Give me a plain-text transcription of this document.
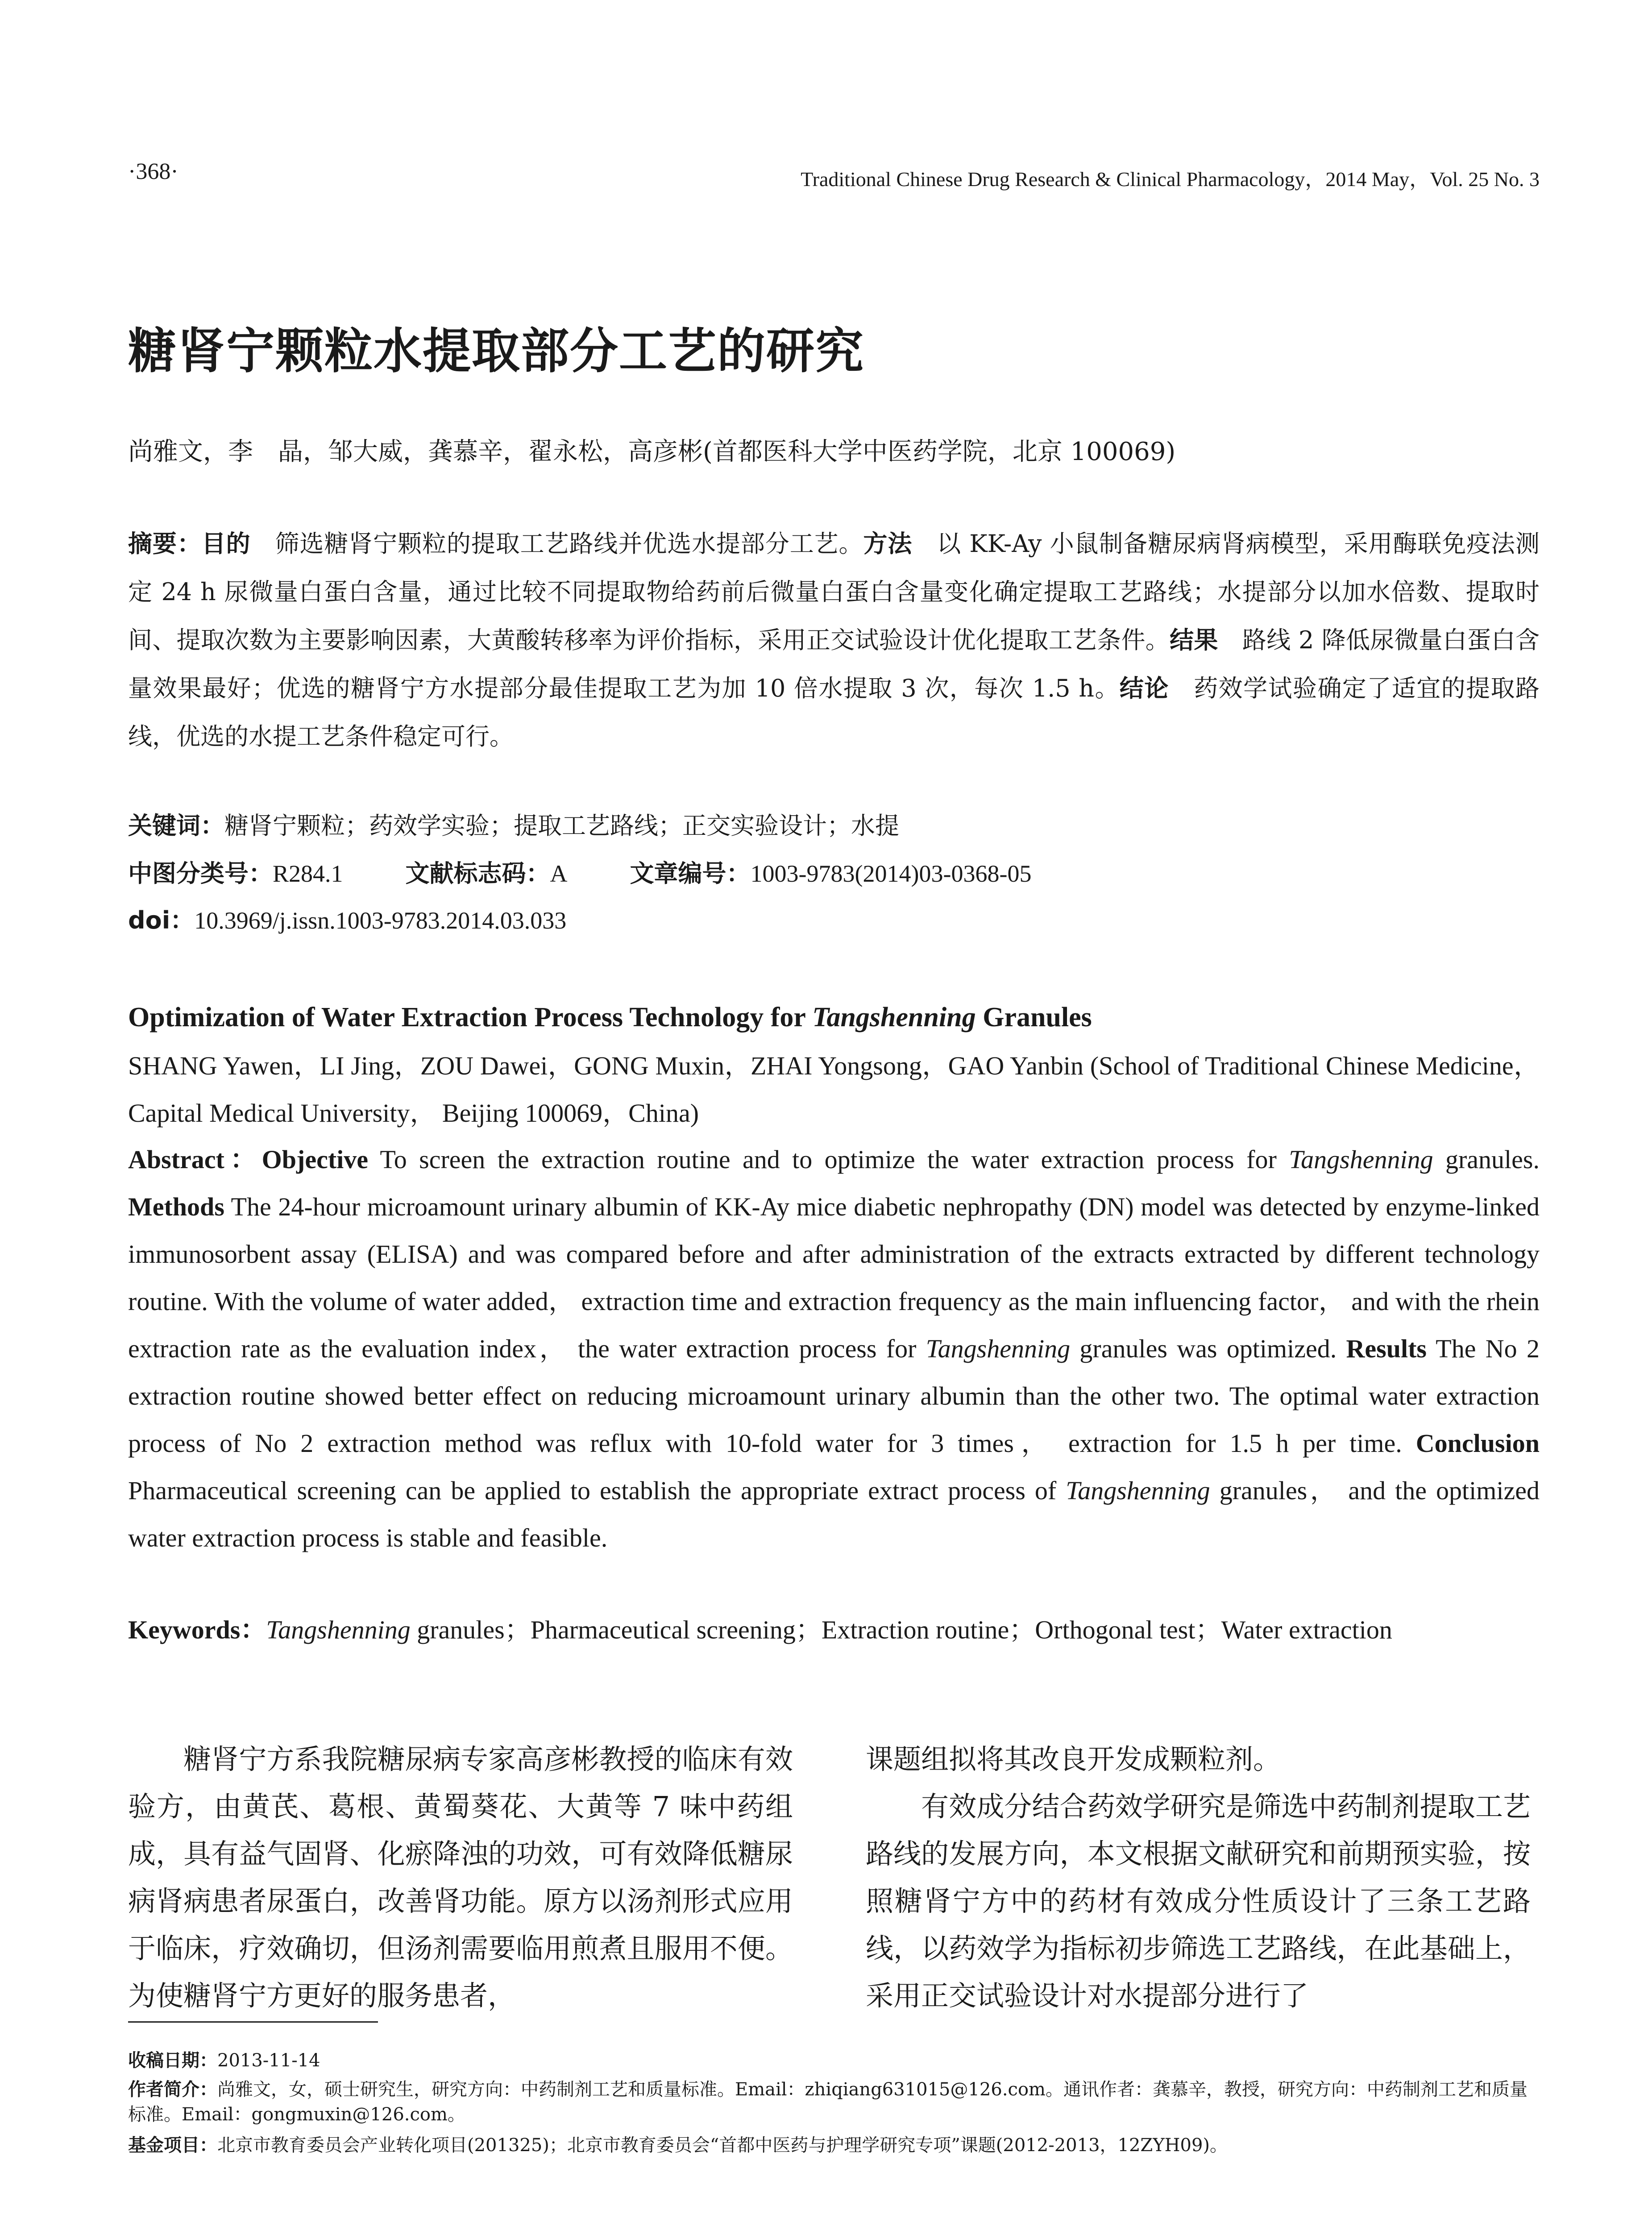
·368·	Traditional Chinese Drug Research & Clinical Pharmacology，2014 May，Vol. 25 No. 3
糖肾宁颗粒水提取部分工艺的研究
尚雅文，李　晶，邹大威，龚慕辛，翟永松，高彦彬(首都医科大学中医药学院，北京 100069)
摘要：目的　筛选糖肾宁颗粒的提取工艺路线并优选水提部分工艺。方法　以 KK-Ay 小鼠制备糖尿病肾病模型，采用酶联免疫法测定 24 h 尿微量白蛋白含量，通过比较不同提取物给药前后微量白蛋白含量变化确定提取工艺路线；水提部分以加水倍数、提取时间、提取次数为主要影响因素，大黄酸转移率为评价指标，采用正交试验设计优化提取工艺条件。结果　路线 2 降低尿微量白蛋白含量效果最好；优选的糖肾宁方水提部分最佳提取工艺为加 10 倍水提取 3 次，每次 1.5 h。结论　药效学试验确定了适宜的提取路线，优选的水提工艺条件稳定可行。
关键词：糖肾宁颗粒；药效学实验；提取工艺路线；正交实验设计；水提
中图分类号：R284.1	文献标志码：A	文章编号：1003-9783(2014)03-0368-05
doi：10.3969/j.issn.1003-9783.2014.03.033
Optimization of Water Extraction Process Technology for Tangshenning Granules
SHANG Yawen，LI Jing，ZOU Dawei，GONG Muxin，ZHAI Yongsong，GAO Yanbin (School of Traditional Chinese Medicine，Capital Medical University， Beijing 100069，China)
Abstract：Objective To screen the extraction routine and to optimize the water extraction process for Tangshenning granules. Methods The 24-hour microamount urinary albumin of KK-Ay mice diabetic nephropathy (DN) model was detected by enzyme-linked immunosorbent assay (ELISA) and was compared before and after administration of the extracts extracted by different technology routine. With the volume of water added， extraction time and extraction frequency as the main influencing factor， and with the rhein extraction rate as the evaluation index， the water extraction process for Tangshenning granules was optimized. Results The No 2 extraction routine showed better effect on reducing microamount urinary albumin than the other two. The optimal water extraction process of No 2 extraction method was reflux with 10-fold water for 3 times， extraction for 1.5 h per time. Conclusion Pharmaceutical screening can be applied to establish the appropriate extract process of Tangshenning granules， and the optimized water extraction process is stable and feasible.
Keywords：Tangshenning granules；Pharmaceutical screening；Extraction routine；Orthogonal test；Water extraction
　　糖肾宁方系我院糖尿病专家高彦彬教授的临床有效验方，由黄芪、葛根、黄蜀葵花、大黄等 7 味中药组成，具有益气固肾、化瘀降浊的功效，可有效降低糖尿病肾病患者尿蛋白，改善肾功能。原方以汤剂形式应用于临床，疗效确切，但汤剂需要临用煎煮且服用不便。为使糖肾宁方更好的服务患者，
课题组拟将其改良开发成颗粒剂。
　　有效成分结合药效学研究是筛选中药制剂提取工艺路线的发展方向，本文根据文献研究和前期预实验，按照糖肾宁方中的药材有效成分性质设计了三条工艺路线，以药效学为指标初步筛选工艺路线，在此基础上，采用正交试验设计对水提部分进行了
收稿日期：2013-11-14
作者简介：尚雅文，女，硕士研究生，研究方向：中药制剂工艺和质量标准。Email：zhiqiang631015@126.com。通讯作者：龚慕辛，教授，研究方向：中药制剂工艺和质量标准。Email：gongmuxin@126.com。
基金项目：北京市教育委员会产业转化项目(201325)；北京市教育委员会“首都中医药与护理学研究专项”课题(2012-2013，12ZYH09)。
